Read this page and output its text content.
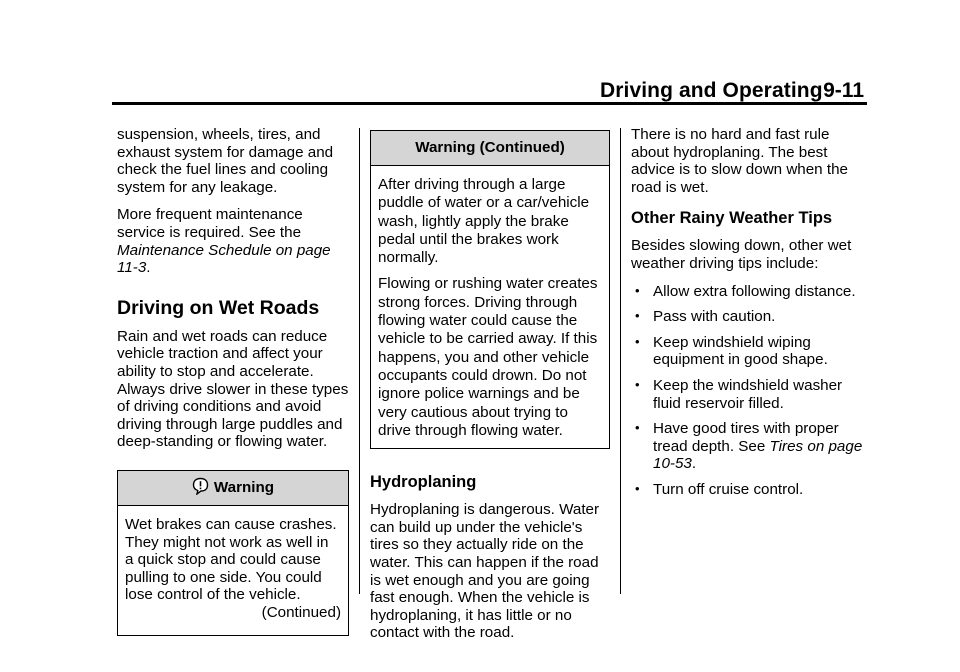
Driving and Operating 9-11

suspension, wheels, tires, and exhaust system for damage and check the fuel lines and cooling system for any leakage.

More frequent maintenance service is required. See the Maintenance Schedule on page 11-3.

Driving on Wet Roads

Rain and wet roads can reduce vehicle traction and affect your ability to stop and accelerate. Always drive slower in these types of driving conditions and avoid driving through large puddles and deep-standing or flowing water.

Warning

Wet brakes can cause crashes. They might not work as well in a quick stop and could cause pulling to one side. You could lose control of the vehicle.

(Continued)

Warning (Continued)

After driving through a large puddle of water or a car/vehicle wash, lightly apply the brake pedal until the brakes work normally.

Flowing or rushing water creates strong forces. Driving through flowing water could cause the vehicle to be carried away. If this happens, you and other vehicle occupants could drown. Do not ignore police warnings and be very cautious about trying to drive through flowing water.

Hydroplaning

Hydroplaning is dangerous. Water can build up under the vehicle's tires so they actually ride on the water. This can happen if the road is wet enough and you are going fast enough. When the vehicle is hydroplaning, it has little or no contact with the road.

There is no hard and fast rule about hydroplaning. The best advice is to slow down when the road is wet.

Other Rainy Weather Tips

Besides slowing down, other wet weather driving tips include:

• Allow extra following distance.
• Pass with caution.
• Keep windshield wiping equipment in good shape.
• Keep the windshield washer fluid reservoir filled.
• Have good tires with proper tread depth. See Tires on page 10-53.
• Turn off cruise control.
